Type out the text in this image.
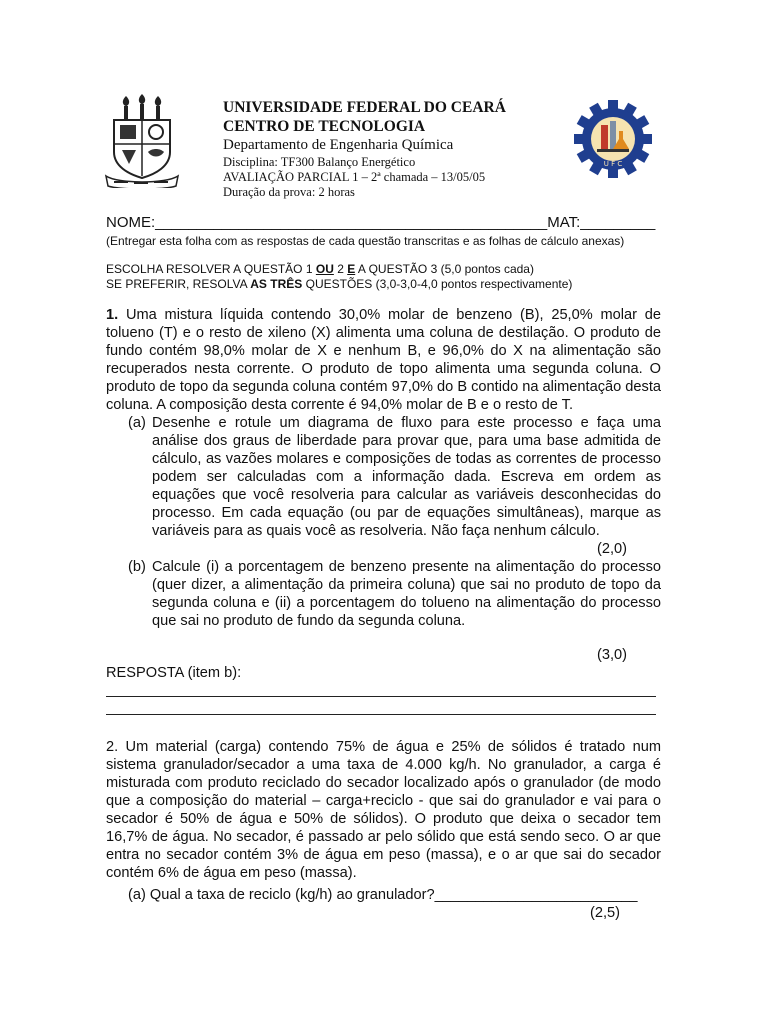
UNIVERSIDADE FEDERAL DO CEARÁ
CENTRO DE TECNOLOGIA
Departamento de Engenharia Química
Disciplina: TF300 Balanço Energético
AVALIAÇÃO PARCIAL 1 – 2ª chamada – 13/05/05
Duração da prova: 2 horas
U F C
NOME:_______________________________________________MAT:_________
(Entregar esta folha com as respostas de cada questão transcritas e as folhas de cálculo anexas)
ESCOLHA RESOLVER A QUESTÃO 1 OU 2 E A QUESTÃO 3 (5,0 pontos cada)
SE PREFERIR, RESOLVA AS TRÊS QUESTÕES (3,0-3,0-4,0 pontos respectivamente)
1. Uma mistura líquida contendo 30,0% molar de benzeno (B), 25,0% molar de tolueno (T) e o resto de xileno (X) alimenta uma coluna de destilação. O produto de fundo contém 98,0% molar de X e nenhum B, e 96,0% do X na alimentação são recuperados nesta corrente. O produto de topo alimenta uma segunda coluna. O produto de topo da segunda coluna contém 97,0% do B contido na alimentação desta coluna. A composição desta corrente é 94,0% molar de B e o resto de T.
(a) Desenhe e rotule um diagrama de fluxo para este processo e faça uma análise dos graus de liberdade para provar que, para uma base admitida de cálculo, as vazões molares e composições de todas as correntes de processo podem ser calculadas com a informação dada. Escreva em ordem as equações que você resolveria para calcular as variáveis desconhecidas do processo. Em cada equação (ou par de equações simultâneas), marque as variáveis para as quais você as resolveria. Não faça nenhum cálculo.
(2,0)
(b) Calcule (i) a porcentagem de benzeno presente na alimentação do processo (quer dizer, a alimentação da primeira coluna) que sai no produto de topo da segunda coluna e (ii) a porcentagem do tolueno na alimentação do processo que sai no produto de fundo da segunda coluna.
(3,0)
RESPOSTA (item b):
2. Um material (carga) contendo 75% de água e 25% de sólidos é tratado num sistema granulador/secador a uma taxa de 4.000 kg/h. No granulador, a carga é misturada com produto reciclado do secador localizado após o granulador (de modo que a composição do material – carga+reciclo - que sai do granulador e vai para o secador é 50% de água e 50% de sólidos). O produto que deixa o secador tem 16,7% de água. No secador, é passado ar pelo sólido que está sendo seco. O ar que entra no secador contém 3% de água em peso (massa), e o ar que sai do secador contém 6% de água em peso (massa).
(a) Qual a taxa de reciclo (kg/h) ao granulador?_________________________
(2,5)
